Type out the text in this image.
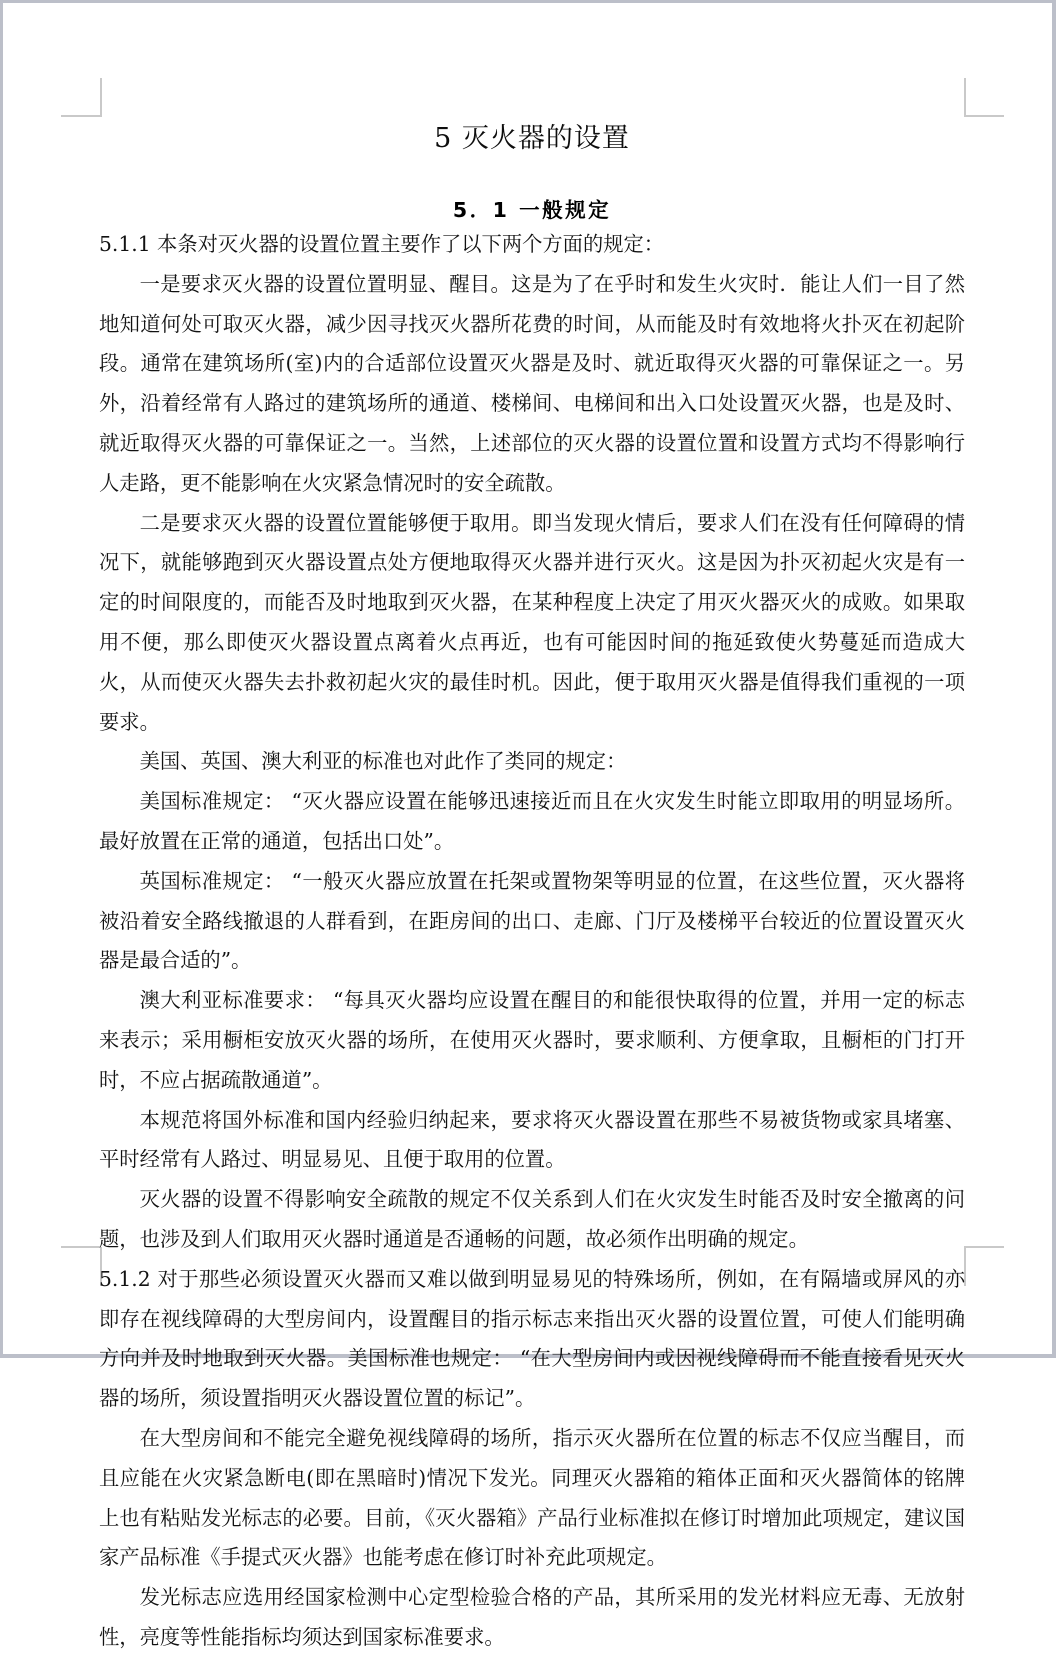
5 灭火器的设置
5．1 一般规定

5.1.1 本条对灭火器的设置位置主要作了以下两个方面的规定：

一是要求灭火器的设置位置明显、醒目。这是为了在乎时和发生火灾时．能让人们一目了然地知道何处可取灭火器，减少因寻找灭火器所花费的时间，从而能及时有效地将火扑灭在初起阶段。通常在建筑场所(室)内的合适部位设置灭火器是及时、就近取得灭火器的可靠保证之一。另外，沿着经常有人路过的建筑场所的通道、楼梯间、电梯间和出入口处设置灭火器，也是及时、就近取得灭火器的可靠保证之一。当然，上述部位的灭火器的设置位置和设置方式均不得影响行人走路，更不能影响在火灾紧急情况时的安全疏散。

二是要求灭火器的设置位置能够便于取用。即当发现火情后，要求人们在没有任何障碍的情况下，就能够跑到灭火器设置点处方便地取得灭火器并进行灭火。这是因为扑灭初起火灾是有一定的时间限度的，而能否及时地取到灭火器，在某种程度上决定了用灭火器灭火的成败。如果取用不便，那么即使灭火器设置点离着火点再近，也有可能因时间的拖延致使火势蔓延而造成大火，从而使灭火器失去扑救初起火灾的最佳时机。因此，便于取用灭火器是值得我们重视的一项要求。

美国、英国、澳大利亚的标准也对此作了类同的规定：

美国标准规定： “灭火器应设置在能够迅速接近而且在火灾发生时能立即取用的明显场所。最好放置在正常的通道，包括出口处”。

英国标准规定： “一般灭火器应放置在托架或置物架等明显的位置，在这些位置，灭火器将被沿着安全路线撤退的人群看到，在距房间的出口、走廊、门厅及楼梯平台较近的位置设置灭火器是最合适的”。

澳大利亚标准要求： “每具灭火器均应设置在醒目的和能很快取得的位置，并用一定的标志来表示；采用橱柜安放灭火器的场所，在使用灭火器时，要求顺利、方便拿取，且橱柜的门打开时，不应占据疏散通道”。

本规范将国外标准和国内经验归纳起来，要求将灭火器设置在那些不易被货物或家具堵塞、平时经常有人路过、明显易见、且便于取用的位置。

灭火器的设置不得影响安全疏散的规定不仅关系到人们在火灾发生时能否及时安全撤离的问题，也涉及到人们取用灭火器时通道是否通畅的问题，故必须作出明确的规定。

5.1.2 对于那些必须设置灭火器而又难以做到明显易见的特殊场所，例如，在有隔墙或屏风的亦即存在视线障碍的大型房间内，设置醒目的指示标志来指出灭火器的设置位置，可使人们能明确方向并及时地取到灭火器。美国标准也规定： “在大型房间内或因视线障碍而不能直接看见灭火器的场所，须设置指明灭火器设置位置的标记”。

在大型房间和不能完全避免视线障碍的场所，指示灭火器所在位置的标志不仅应当醒目，而且应能在火灾紧急断电(即在黑暗时)情况下发光。同理灭火器箱的箱体正面和灭火器简体的铭牌上也有粘贴发光标志的必要。目前，《灭火器箱》产品行业标准拟在修订时增加此项规定，建议国家产品标准《手提式灭火器》也能考虑在修订时补充此项规定。

发光标志应选用经国家检测中心定型检验合格的产品，其所采用的发光材料应无毒、无放射性，亮度等性能指标均须达到国家标准要求。
